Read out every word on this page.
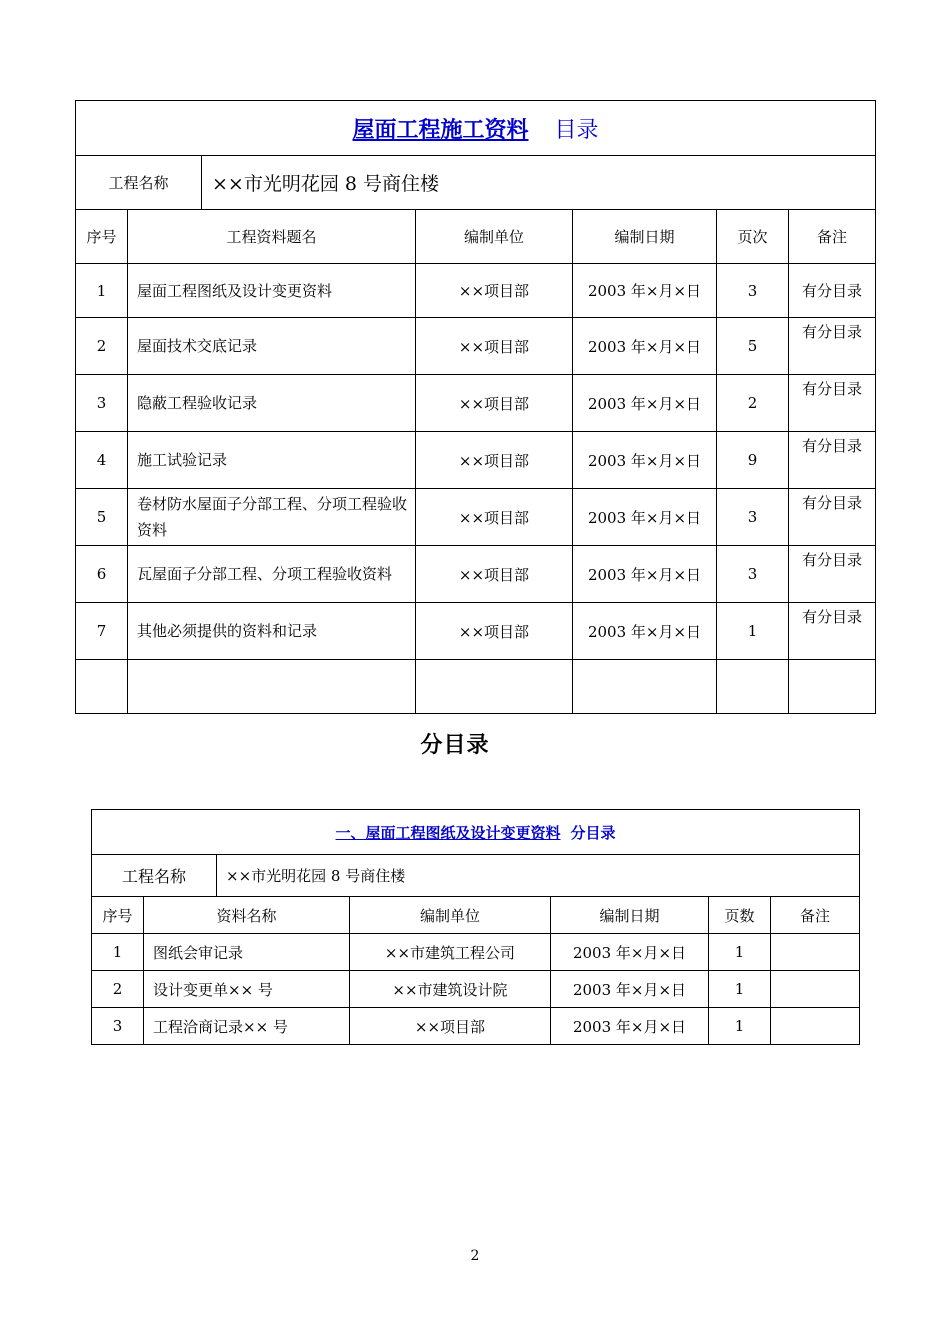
屋面工程施工资料 目录					

工程名称 ××市光明花园 8 号商住楼					

序号	工程资料题名	编制单位	编制日期	页次	备注
1	屋面工程图纸及设计变更资料	××项目部	2003 年×月×日	3	有分目录
2	屋面技术交底记录	××项目部	2003 年×月×日	5	有分目录
3	隐蔽工程验收记录	××项目部	2003 年×月×日	2	有分目录
4	施工试验记录	××项目部	2003 年×月×日	9	有分目录
5	卷材防水屋面子分部工程、分项工程验收资料	××项目部	2003 年×月×日	3	有分目录
6	瓦屋面子分部工程、分项工程验收资料	××项目部	2003 年×月×日	3	有分目录
7	其他必须提供的资料和记录	××项目部	2003 年×月×日	1	有分目录

分目录
一、屋面工程图纸及设计变更资料 分目录					

工程名称 ××市光明花园 8 号商住楼					

序号	资料名称	编制单位	编制日期	页数	备注
1	图纸会审记录	××市建筑工程公司	2003 年×月×日	1	
2	设计变更单×× 号	××市建筑设计院	2003 年×月×日	1	
3	工程洽商记录×× 号	××项目部	2003 年×月×日	1	
2
